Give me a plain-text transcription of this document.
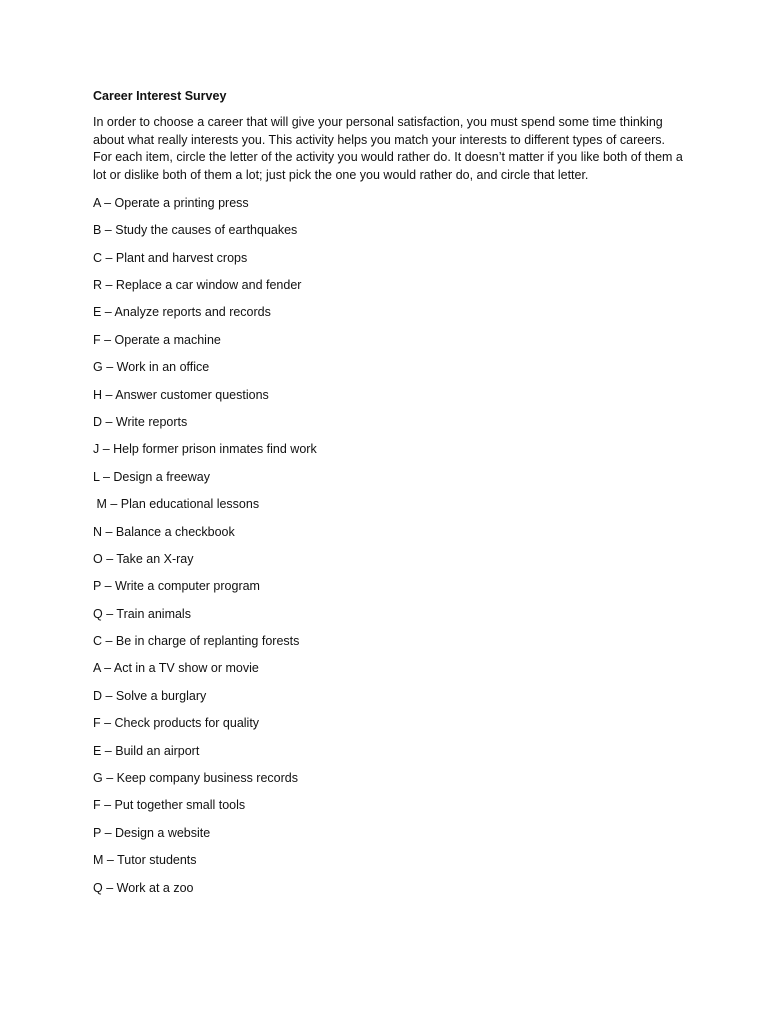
Career Interest Survey
In order to choose a career that will give your personal satisfaction, you must spend some time thinking about what really interests you. This activity helps you match your interests to different types of careers. For each item, circle the letter of the activity you would rather do. It doesn’t matter if you like both of them a lot or dislike both of them a lot; just pick the one you would rather do, and circle that letter.
A – Operate a printing press
B – Study the causes of earthquakes
C – Plant and harvest crops
R – Replace a car window and fender
E – Analyze reports and records
F – Operate a machine
G – Work in an office
H – Answer customer questions
D – Write reports
J – Help former prison inmates find work
L – Design a freeway
M – Plan educational lessons
N – Balance a checkbook
O – Take an X-ray
P – Write a computer program
Q – Train animals
C – Be in charge of replanting forests
A – Act in a TV show or movie
D – Solve a burglary
F – Check products for quality
E – Build an airport
G – Keep company business records
F – Put together small tools
P – Design a website
M – Tutor students
Q – Work at a zoo
